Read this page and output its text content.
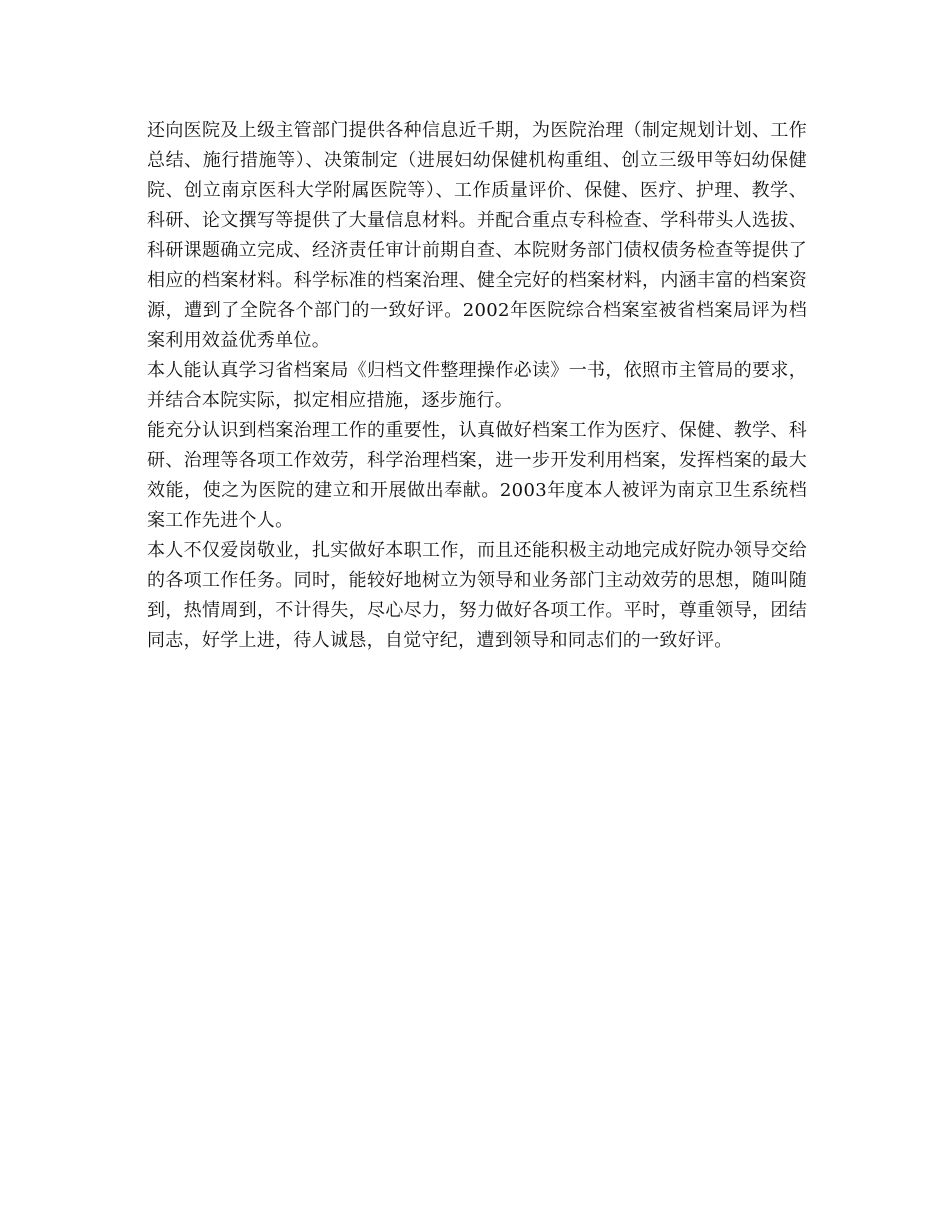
还向医院及上级主管部门提供各种信息近千期，为医院治理（制定规划计划、工作总结、施行措施等）、决策制定（进展妇幼保健机构重组、创立三级甲等妇幼保健院、创立南京医科大学附属医院等）、工作质量评价、保健、医疗、护理、教学、科研、论文撰写等提供了大量信息材料。并配合重点专科检查、学科带头人选拔、科研课题确立完成、经济责任审计前期自查、本院财务部门债权债务检查等提供了相应的档案材料。科学标准的档案治理、健全完好的档案材料，内涵丰富的档案资源，遭到了全院各个部门的一致好评。2002年医院综合档案室被省档案局评为档案利用效益优秀单位。

本人能认真学习省档案局《归档文件整理操作必读》一书，依照市主管局的要求，并结合本院实际，拟定相应措施，逐步施行。

能充分认识到档案治理工作的重要性，认真做好档案工作为医疗、保健、教学、科研、治理等各项工作效劳，科学治理档案，进一步开发利用档案，发挥档案的最大效能，使之为医院的建立和开展做出奉献。2003年度本人被评为南京卫生系统档案工作先进个人。

本人不仅爱岗敬业，扎实做好本职工作，而且还能积极主动地完成好院办领导交给的各项工作任务。同时，能较好地树立为领导和业务部门主动效劳的思想，随叫随到，热情周到，不计得失，尽心尽力，努力做好各项工作。平时，尊重领导，团结同志，好学上进，待人诚恳，自觉守纪，遭到领导和同志们的一致好评。
